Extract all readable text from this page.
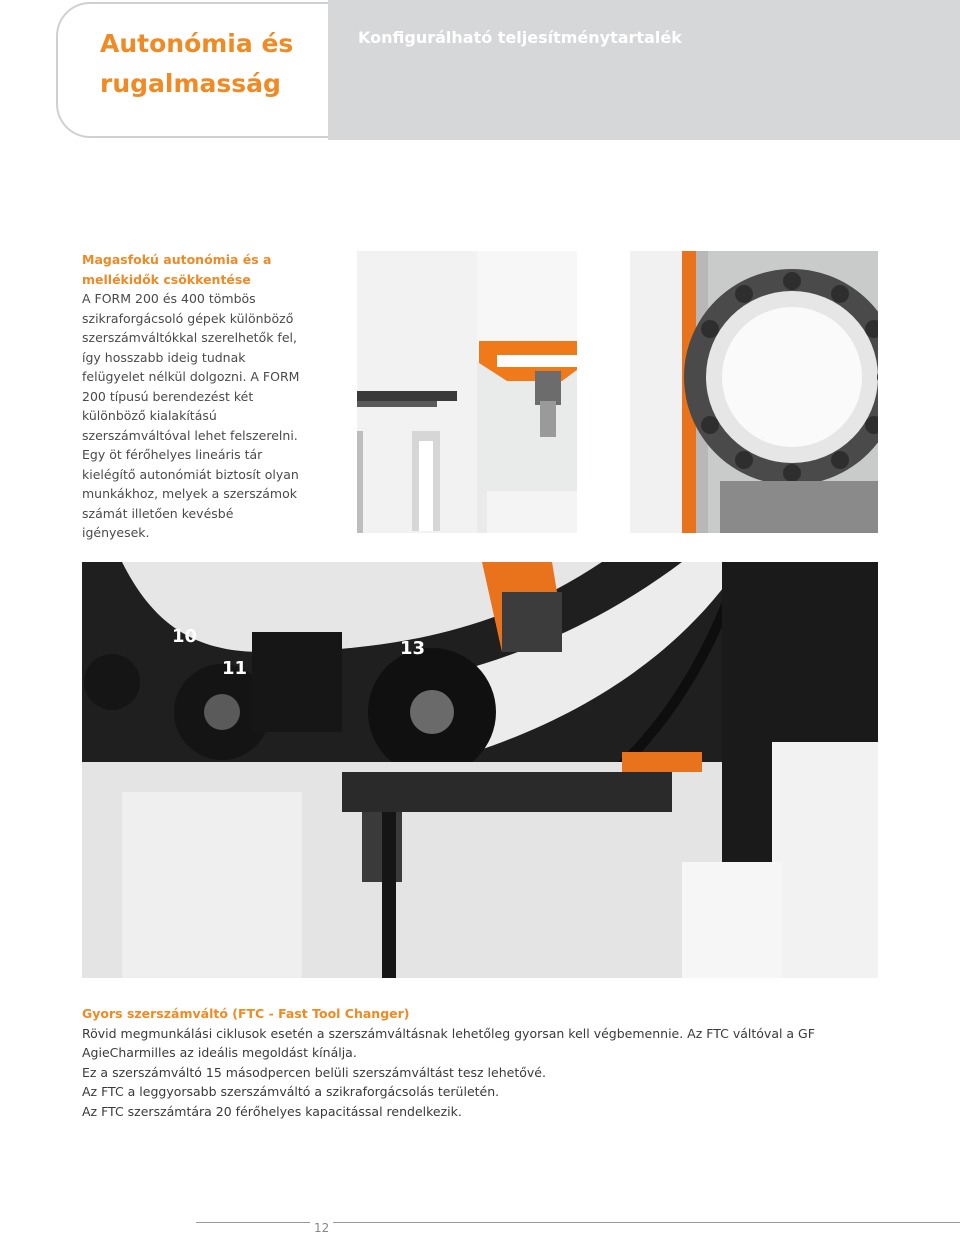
Autonómia és rugalmasság
Konfigurálható teljesítménytartalék
Magasfokú autonómia és a mellékidők csökkentése
A FORM 200 és 400 tömbös szikraforgácsoló gépek különböző szerszámváltókkal szerelhetők fel, így hosszabb ideig tudnak felügyelet nélkül dolgozni. A FORM 200 típusú berendezést két különböző kialakítású szerszámváltóval lehet felszerelni. Egy öt férőhelyes lineáris tár kielégítő autonómiát biztosít olyan munkákhoz, melyek a szerszámok számát illetően kevésbé igényesek.
10
11
13

Gyors szerszámváltó (FTC - Fast Tool Changer)

Rövid megmunkálási ciklusok esetén a szerszámváltásnak lehetőleg gyorsan kell végbemennie. Az FTC váltóval a GF AgieCharmilles az ideális megoldást kínálja.

Ez a szerszámváltó 15 másodpercen belüli szerszámváltást tesz lehetővé.

Az FTC a leggyorsabb szerszámváltó a szikraforgácsolás területén.

Az FTC szerszámtára 20 férőhelyes kapacitással rendelkezik.

12
